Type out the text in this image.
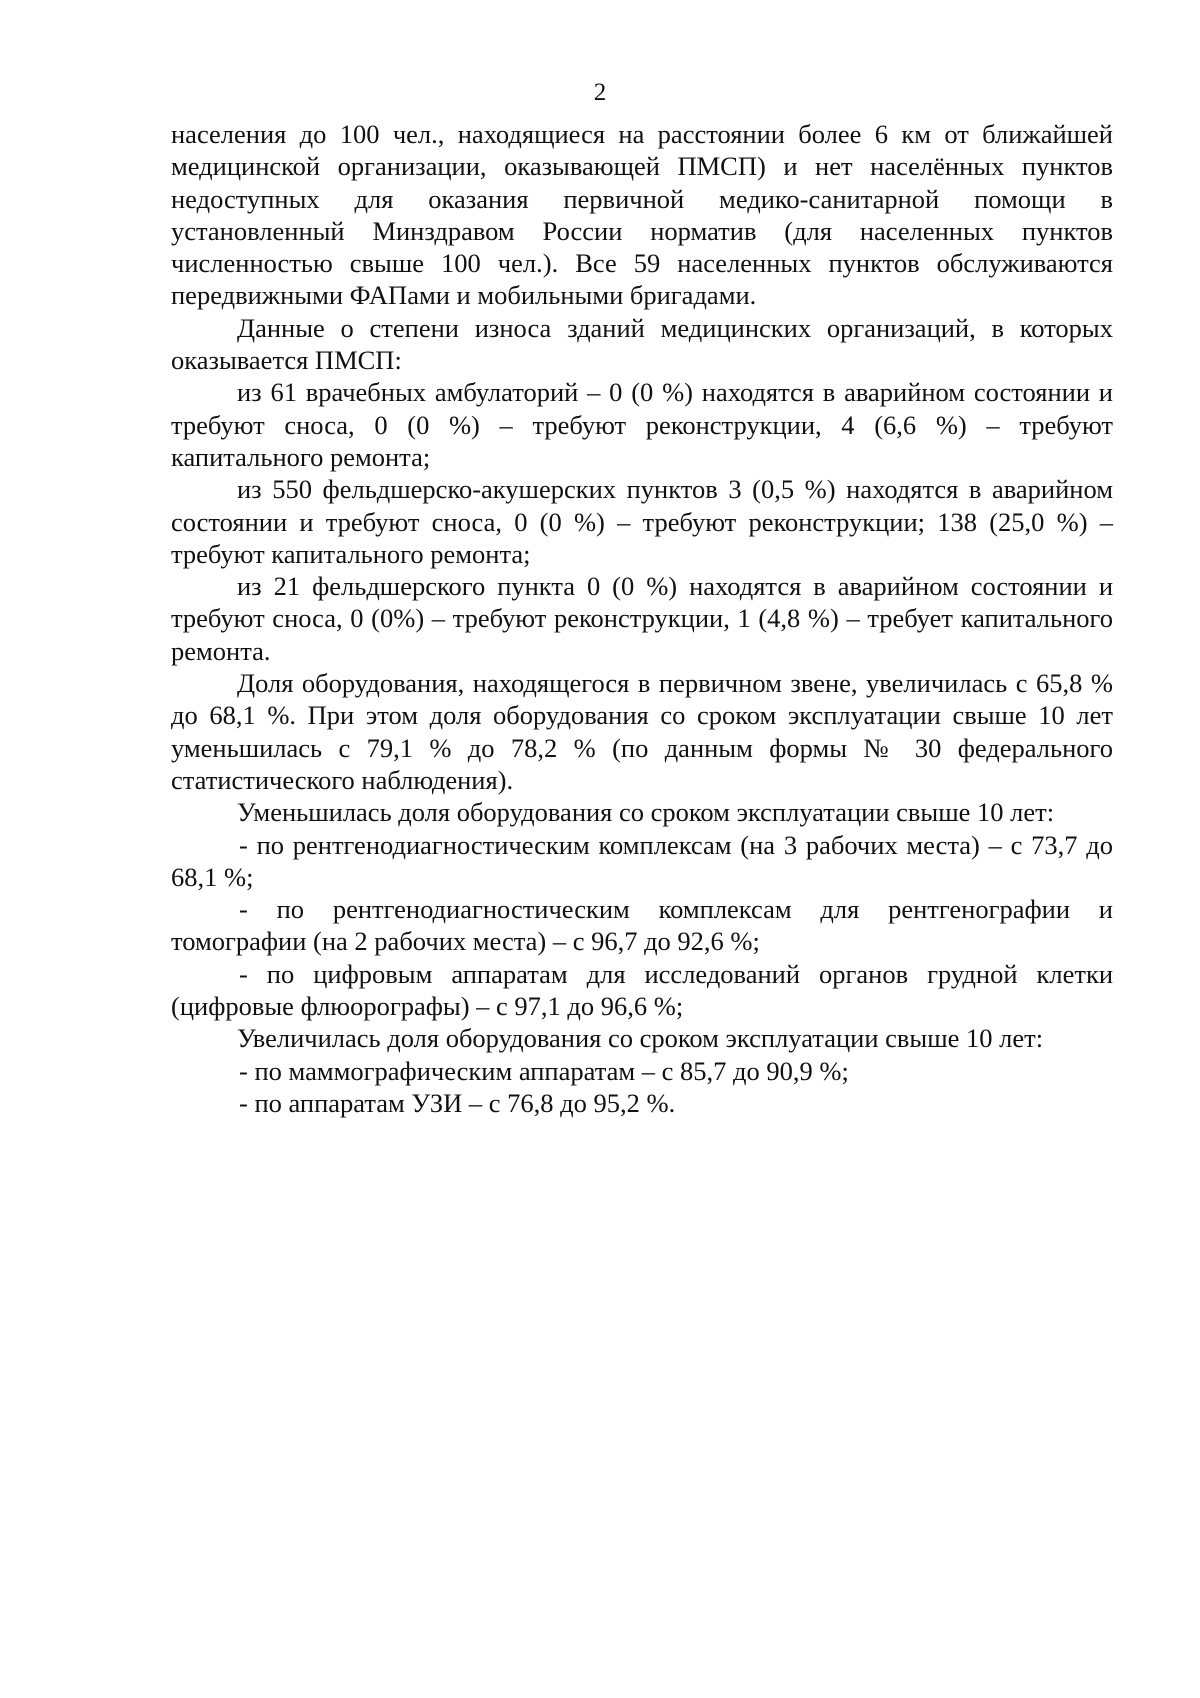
2

населения до 100 чел., находящиеся на расстоянии более 6 км от ближайшей медицинской организации, оказывающей ПМСП) и нет населённых пунктов недоступных для оказания первичной медико-санитарной помощи в установленный Минздравом России норматив (для населенных пунктов численностью свыше 100 чел.). Все 59 населенных пунктов обслуживаются передвижными ФАПами и мобильными бригадами.

Данные о степени износа зданий медицинских организаций, в которых оказывается ПМСП:

из 61 врачебных амбулаторий – 0 (0 %) находятся в аварийном состоянии и требуют сноса, 0 (0 %) – требуют реконструкции, 4 (6,6 %) – требуют капитального ремонта;

из 550 фельдшерско-акушерских пунктов 3 (0,5 %) находятся в аварийном состоянии и требуют сноса, 0 (0 %) – требуют реконструкции; 138 (25,0 %) – требуют капитального ремонта;

из 21 фельдшерского пункта 0 (0 %) находятся в аварийном состоянии и требуют сноса, 0 (0%) – требуют реконструкции, 1 (4,8 %) – требует капитального ремонта.

Доля оборудования, находящегося в первичном звене, увеличилась с 65,8 % до 68,1 %. При этом доля оборудования со сроком эксплуатации свыше 10 лет уменьшилась с 79,1 % до 78,2 % (по данным формы № 30 федерального статистического наблюдения).

Уменьшилась доля оборудования со сроком эксплуатации свыше 10 лет:

- по рентгенодиагностическим комплексам (на 3 рабочих места) – с 73,7 до 68,1 %;

- по рентгенодиагностическим комплексам для рентгенографии и томографии (на 2 рабочих места) – с 96,7 до 92,6 %;

- по цифровым аппаратам для исследований органов грудной клетки (цифровые флюорографы) – с 97,1 до 96,6 %;

Увеличилась доля оборудования со сроком эксплуатации свыше 10 лет:

- по маммографическим аппаратам – с 85,7 до 90,9 %;

- по аппаратам УЗИ – с 76,8 до 95,2 %.
